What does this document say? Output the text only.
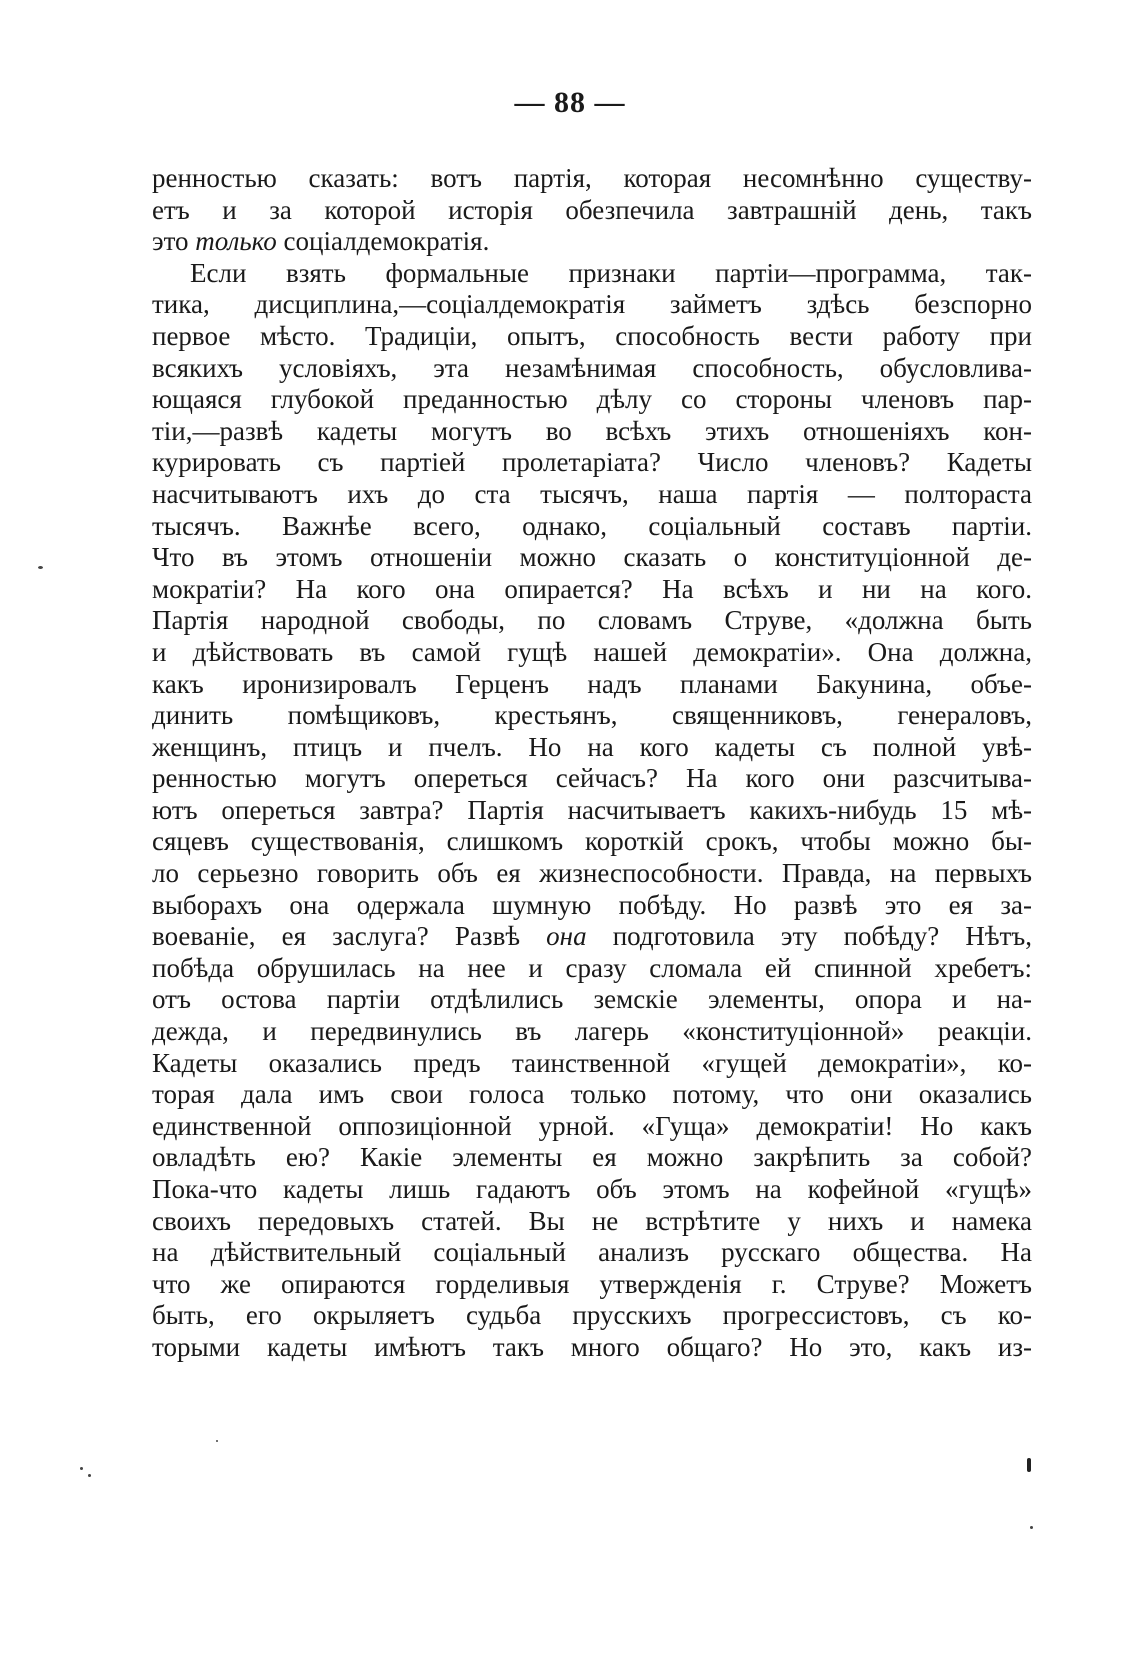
— 88 —
ренностью сказать: вотъ партія, которая несомнѣнно существу-
етъ и за которой исторія обезпечила завтрашній день, такъ
это только соціалдемократія.
Если взять формальные признаки партіи—программа, так-
тика, дисциплина,—соціалдемократія займетъ здѣсь безспорно
первое мѣсто. Традиціи, опытъ, способность вести работу при
всякихъ условіяхъ, эта незамѣнимая способность, обусловлива-
ющаяся глубокой преданностью дѣлу со стороны членовъ пар-
тіи,—развѣ кадеты могутъ во всѣхъ этихъ отношеніяхъ кон-
курировать съ партіей пролетаріата? Число членовъ? Кадеты
насчитываютъ ихъ до ста тысячъ, наша партія — полтораста
тысячъ. Важнѣе всего, однако, соціальный составъ партіи.
Что въ этомъ отношеніи можно сказать о конституціонной де-
мократіи? На кого она опирается? На всѣхъ и ни на кого.
Партія народной свободы, по словамъ Струве, «должна быть
и дѣйствовать въ самой гущѣ нашей демократіи». Она должна,
какъ иронизировалъ Герценъ надъ планами Бакунина, объе-
динить помѣщиковъ, крестьянъ, священниковъ, генераловъ,
женщинъ, птицъ и пчелъ. Но на кого кадеты съ полной увѣ-
ренностью могутъ опереться сейчасъ? На кого они разсчитыва-
ютъ опереться завтра? Партія насчитываетъ какихъ-нибудь 15 мѣ-
сяцевъ существованія, слишкомъ короткій срокъ, чтобы можно бы-
ло серьезно говорить объ ея жизнеспособности. Правда, на первыхъ
выборахъ она одержала шумную побѣду. Но развѣ это ея за-
воеваніе, ея заслуга? Развѣ она подготовила эту побѣду? Нѣтъ,
побѣда обрушилась на нее и сразу сломала ей спинной хребетъ:
отъ остова партіи отдѣлились земскіе элементы, опора и на-
дежда, и передвинулись въ лагерь «конституціонной» реакціи.
Кадеты оказались предъ таинственной «гущей демократіи», ко-
торая дала имъ свои голоса только потому, что они оказались
единственной оппозиціонной урной. «Гуща» демократіи! Но какъ
овладѣть ею? Какіе элементы ея можно закрѣпить за собой?
Пока-что кадеты лишь гадаютъ объ этомъ на кофейной «гущѣ»
своихъ передовыхъ статей. Вы не встрѣтите у нихъ и намека
на дѣйствительный соціальный анализъ русскаго общества. На
что же опираются горделивыя утвержденія г. Струве? Можетъ
быть, его окрыляетъ судьба прусскихъ прогрессистовъ, съ ко-
торыми кадеты имѣютъ такъ много общаго? Но это, какъ из-
